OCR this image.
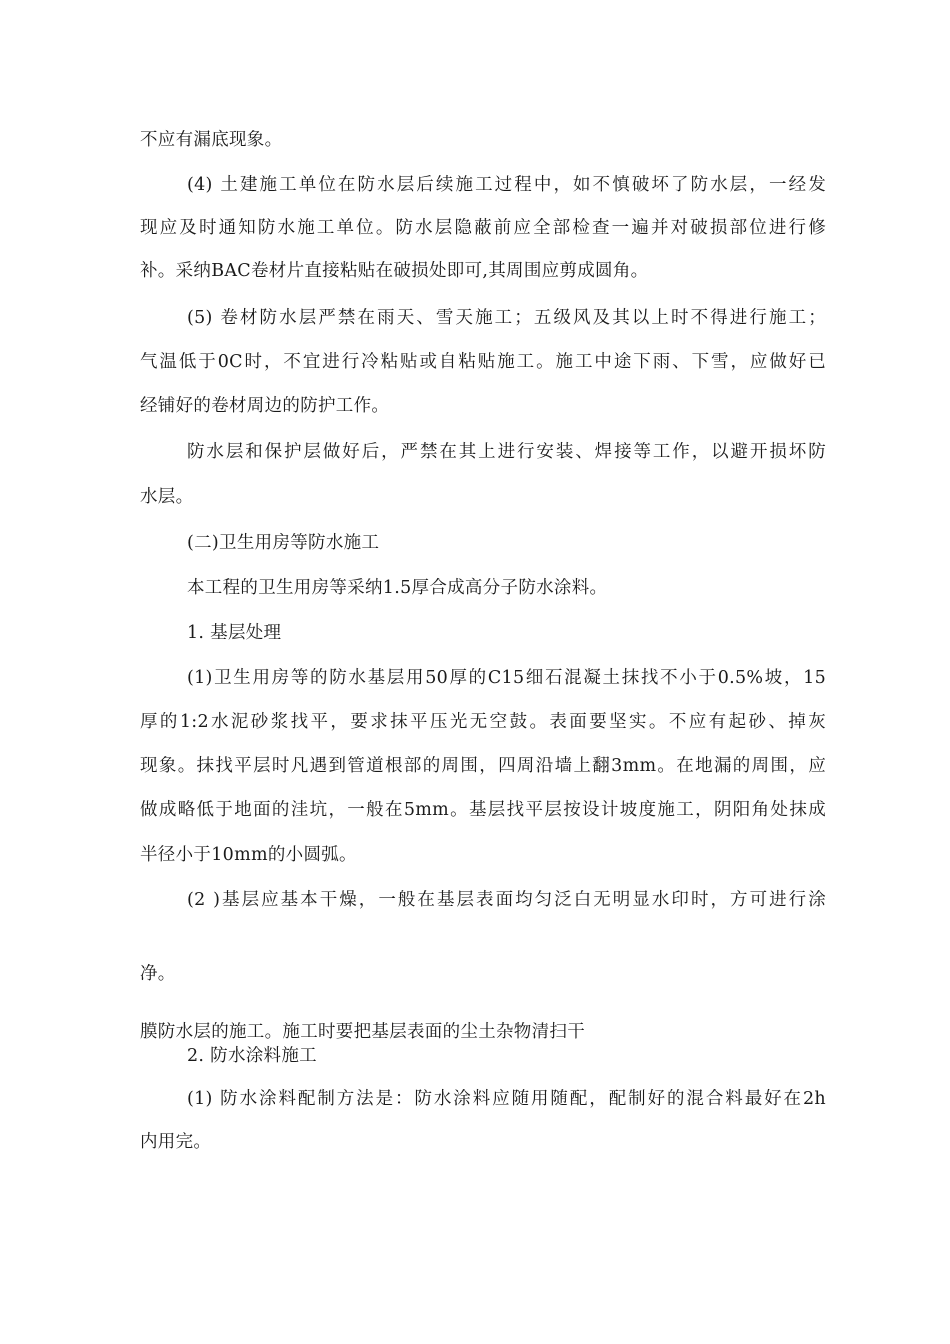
不应有漏底现象。
(4) 土建施工单位在防水层后续施工过程中，如不慎破坏了防水层，一经发
现应及时通知防水施工单位。防水层隐蔽前应全部检查一遍并对破损部位进行修
补。采纳BAC卷材片直接粘贴在破损处即可,其周围应剪成圆角。
(5) 卷材防水层严禁在雨天、雪天施工；五级风及其以上时不得进行施工；
气温低于0C时，不宜进行冷粘贴或自粘贴施工。施工中途下雨、下雪，应做好已
经铺好的卷材周边的防护工作。
防水层和保护层做好后，严禁在其上进行安装、焊接等工作，以避开损坏防
水层。
(二)卫生用房等防水施工
本工程的卫生用房等采纳1.5厚合成高分子防水涂料。
1. 基层处理
(1)卫生用房等的防水基层用50厚的C15细石混凝土抹找不小于0.5%坡，15
厚的1:2水泥砂浆找平，要求抹平压光无空鼓。表面要坚实。不应有起砂、掉灰
现象。抹找平层时凡遇到管道根部的周围，四周沿墙上翻3mm。在地漏的周围，应
做成略低于地面的洼坑，一般在5mm。基层找平层按设计坡度施工，阴阳角处抹成
半径小于10mm的小圆弧。
(2 )基层应基本干燥，一般在基层表面均匀泛白无明显水印时，方可进行涂
净。
膜防水层的施工。施工时要把基层表面的尘土杂物清扫干
2. 防水涂料施工
(1) 防水涂料配制方法是：防水涂料应随用随配，配制好的混合料最好在2h
内用完。
